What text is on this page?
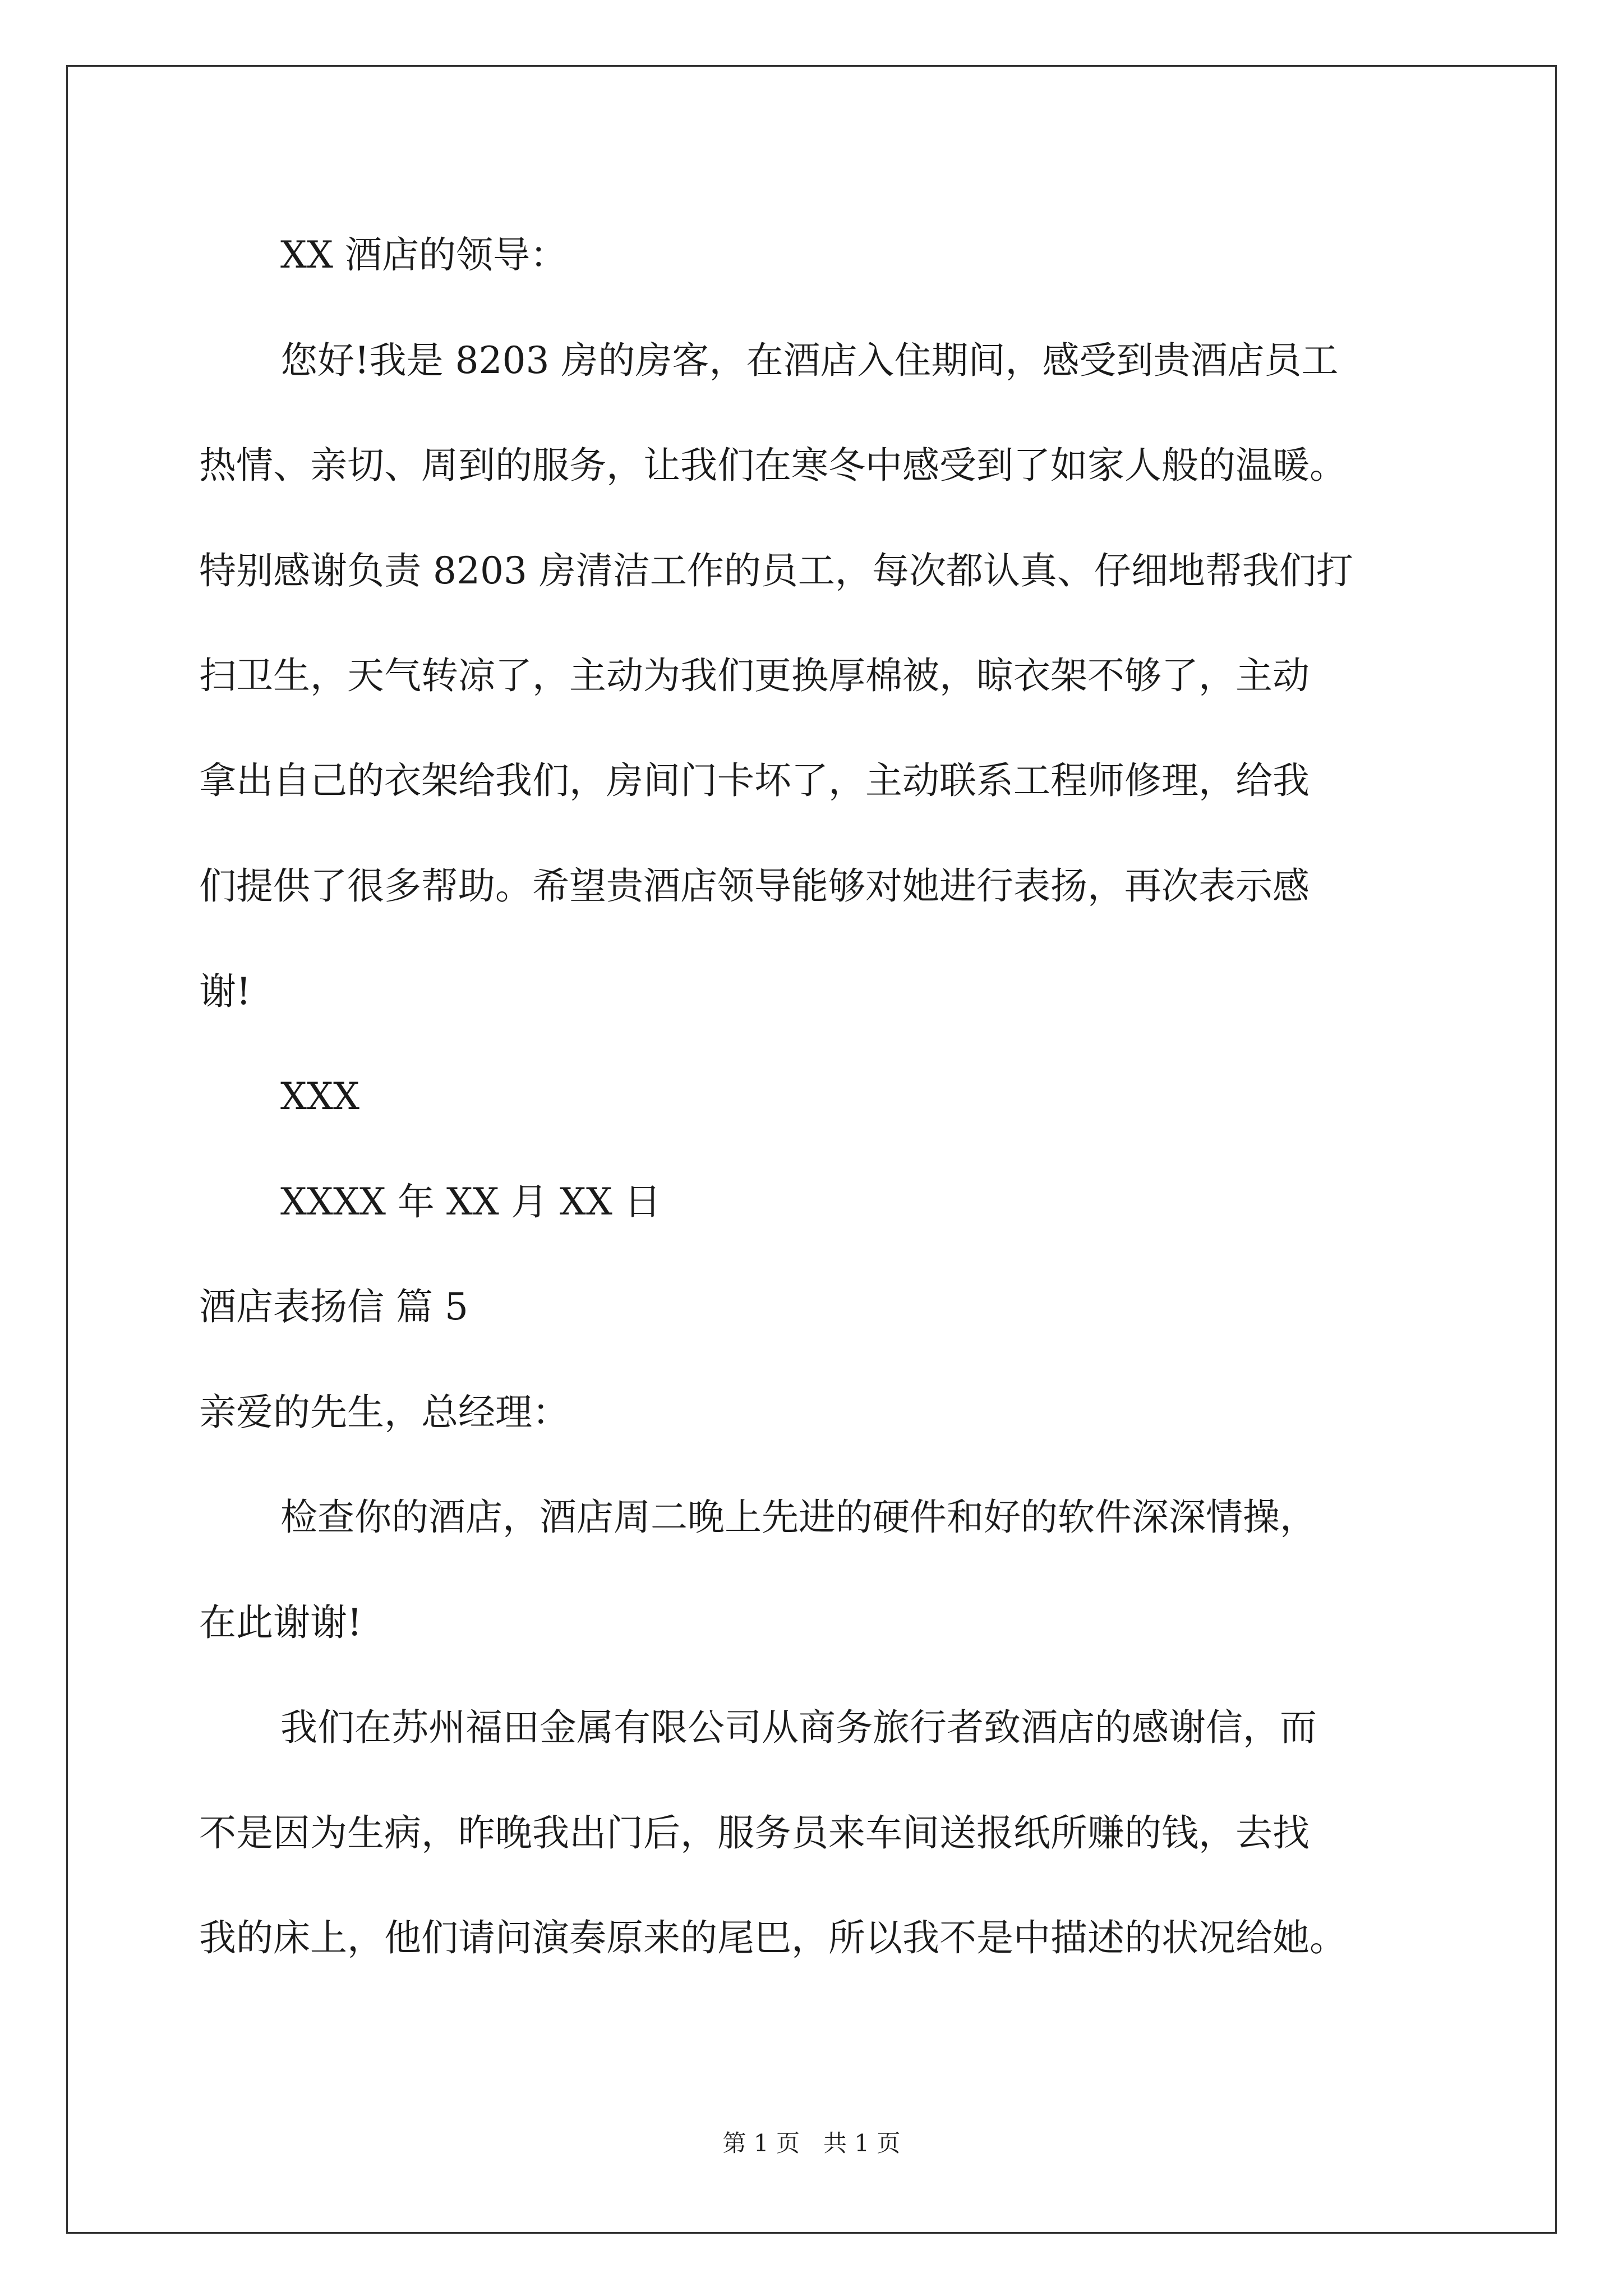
XX 酒店的领导：
您好!我是 8203 房的房客，在酒店入住期间，感受到贵酒店员工
热情、亲切、周到的服务，让我们在寒冬中感受到了如家人般的温暖。
特别感谢负责 8203 房清洁工作的员工，每次都认真、仔细地帮我们打
扫卫生，天气转凉了，主动为我们更换厚棉被，晾衣架不够了，主动
拿出自己的衣架给我们，房间门卡坏了，主动联系工程师修理，给我
们提供了很多帮助。希望贵酒店领导能够对她进行表扬，再次表示感
谢!
XXX
XXXX 年 XX 月 XX 日
酒店表扬信 篇 5
亲爱的先生，总经理：
检查你的酒店，酒店周二晚上先进的硬件和好的软件深深情操，
在此谢谢!
我们在苏州福田金属有限公司从商务旅行者致酒店的感谢信，而
不是因为生病，昨晚我出门后，服务员来车间送报纸所赚的钱，去找
我的床上，他们请问演奏原来的尾巴，所以我不是中描述的状况给她。
第 1 页　共 1 页
